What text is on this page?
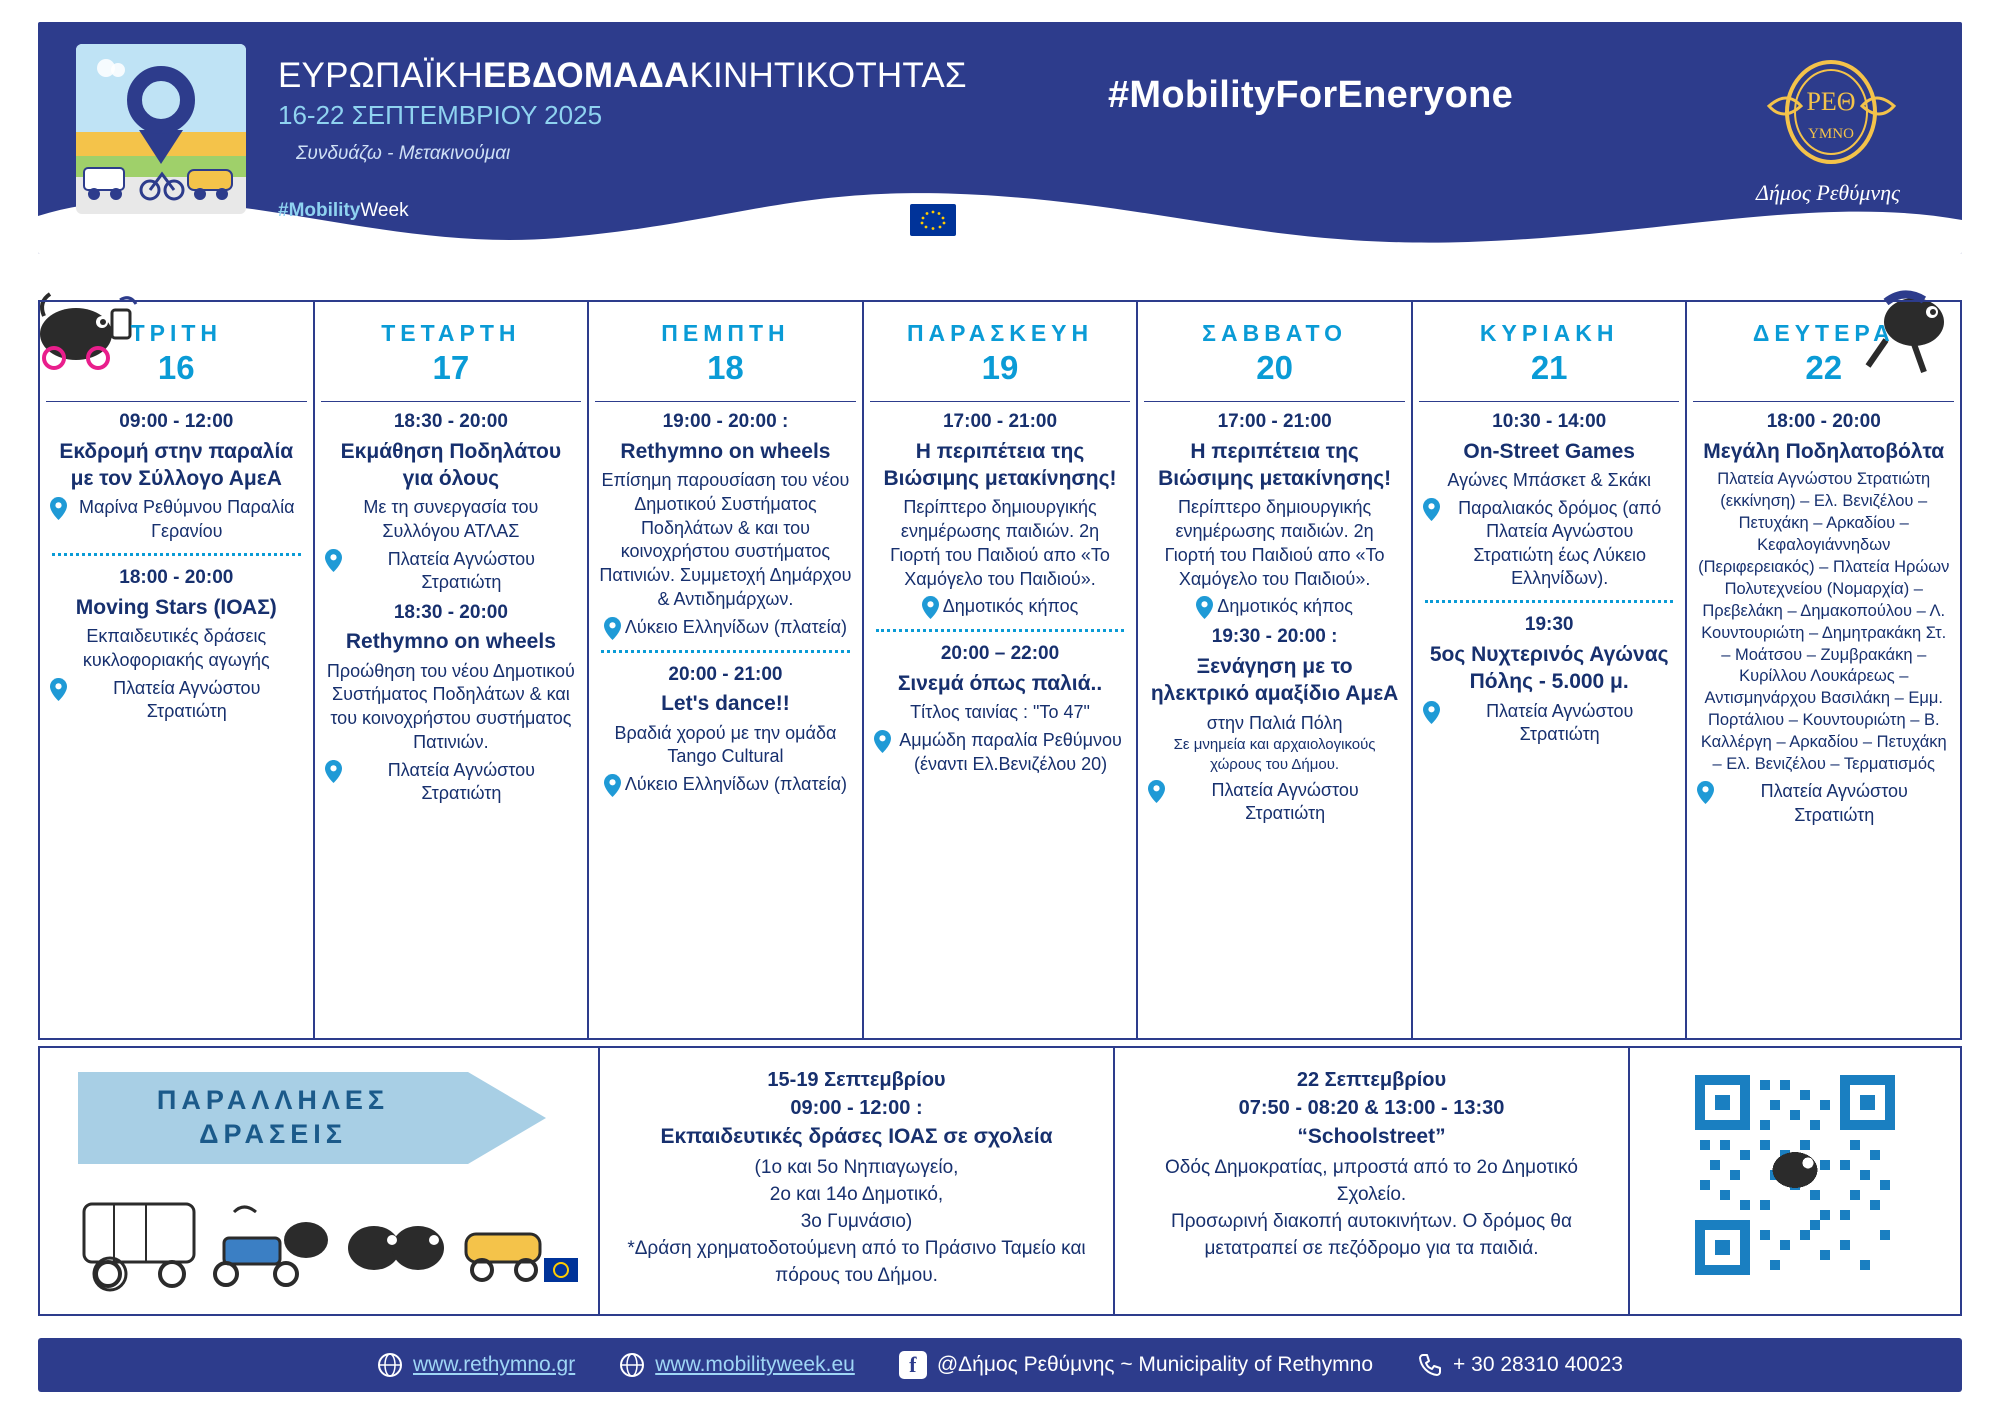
ΕΥΡΩΠΑΪΚΗΕΒΔΟΜΑΔΑΚΙΝΗΤΙΚΟΤΗΤΑΣ
16-22 ΣΕΠΤΕΜΒΡΙΟΥ 2025
Συνδυάζω - Μετακινούμαι
#MobilityWeek
#MobilityForEneryone	ΡΕΘ
ΥΜΝΟ
Δήμος Ρεθύμνης
ΤΡΙΤΗ
16
09:00 - 12:00
Εκδρομή στην παραλία με τον Σύλλογο ΑμεΑ
Μαρίνα Ρεθύμνου Παραλία Γερανίου
18:00 - 20:00
Moving Stars (ΙΟΑΣ)
Εκπαιδευτικές δράσεις κυκλοφοριακής αγωγής
Πλατεία Αγνώστου Στρατιώτη
ΤΕΤΑΡΤΗ
17
18:30 - 20:00
Εκμάθηση Ποδηλάτου για όλους
Με τη συνεργασία του Συλλόγου ΑΤΛΑΣ
Πλατεία Αγνώστου Στρατιώτη
18:30 - 20:00
Rethymno on wheels
Προώθηση του νέου Δημοτικού Συστήματος Ποδηλάτων & και του κοινοχρήστου συστήματος Πατινιών.
Πλατεία Αγνώστου Στρατιώτη
ΠΕΜΠΤΗ
18
19:00 - 20:00 :
Rethymno on wheels
Επίσημη παρουσίαση του νέου Δημοτικού Συστήματος Ποδηλάτων & και του κοινοχρήστου συστήματος Πατινιών. Συμμετοχή Δημάρχου & Αντιδημάρχων.
Λύκειο Ελληνίδων (πλατεία)
20:00 - 21:00
Let's dance!!
Βραδιά χορού με την ομάδα Tango Cultural
Λύκειο Ελληνίδων (πλατεία)
ΠΑΡΑΣΚΕΥΗ
19
17:00 - 21:00
Η περιπέτεια της Βιώσιμης μετακίνησης!
Περίπτερο δημιουργικής ενημέρωσης παιδιών. 2η Γιορτή του Παιδιού απο «Το Χαμόγελο του Παιδιού».
Δημοτικός κήπος
20:00 – 22:00
Σινεμά όπως παλιά..
Τίτλος ταινίας : "Το 47"
Αμμώδη παραλία Ρεθύμνου (έναντι Ελ.Βενιζέλου 20)
ΣΑΒΒΑΤΟ
20
17:00 - 21:00
Η περιπέτεια της Βιώσιμης μετακίνησης!
Περίπτερο δημιουργικής ενημέρωσης παιδιών. 2η Γιορτή του Παιδιού απο «Το Χαμόγελο του Παιδιού».
Δημοτικός κήπος
19:30 - 20:00 :
Ξενάγηση με το ηλεκτρικό αμαξίδιο ΑμεΑ
στην Παλιά Πόλη
Σε μνημεία και αρχαιολογικούς χώρους του Δήμου.
Πλατεία Αγνώστου Στρατιώτη
ΚΥΡΙΑΚΗ
21
10:30 - 14:00
On-Street Games
Αγώνες Μπάσκετ & Σκάκι
Παραλιακός δρόμος (από Πλατεία Αγνώστου Στρατιώτη έως Λύκειο Ελληνίδων).
19:30
5ος Νυχτερινός Αγώνας Πόλης - 5.000 μ.
Πλατεία Αγνώστου Στρατιώτη
ΔΕΥΤΕΡΑ
22
18:00 - 20:00
Μεγάλη Ποδηλατοβόλτα
Πλατεία Αγνώστου Στρατιώτη (εκκίνηση) – Ελ. Βενιζέλου – Πετυχάκη – Αρκαδίου – Κεφαλογιάννηδων (Περιφερειακός) – Πλατεία Ηρώων Πολυτεχνείου (Νομαρχία) – Πρεβελάκη – Δημακοπούλου – Λ. Κουντουριώτη – Δημητρακάκη Στ. – Μοάτσου – Ζυμβρακάκη – Κυρίλλου Λουκάρεως – Αντισμηνάρχου Βασιλάκη – Εμμ. Πορτάλιου – Κουντουριώτη – Β. Καλλέργη – Αρκαδίου – Πετυχάκη – Ελ. Βενιζέλου – Τερματισμός
Πλατεία Αγνώστου Στρατιώτη
ΠΑΡΑΛΛΗΛΕΣ
ΔΡΑΣΕΙΣ
15-19 Σεπτεμβρίου
09:00 - 12:00 :
Εκπαιδευτικές δράσες ΙΟΑΣ σε σχολεία
(1ο και 5ο Νηπιαγωγείο,
2ο και 14ο Δημοτικό,
3ο Γυμνάσιο)
*Δράση χρηματοδοτούμενη από το Πράσινο Ταμείο και πόρους του Δήμου.
22 Σεπτεμβρίου
07:50 - 08:20 & 13:00 - 13:30
“Schoolstreet”
Οδός Δημοκρατίας, μπροστά από το 2ο Δημοτικό Σχολείο.
Προσωρινή διακοπή αυτοκινήτων. Ο δρόμος θα μετατραπεί σε πεζόδρομο για τα παιδιά.
www.rethymno.gr	www.mobilityweek.eu	f @Δήμος Ρεθύμνης ~ Municipality of Rethymno	+ 30 28310 40023
